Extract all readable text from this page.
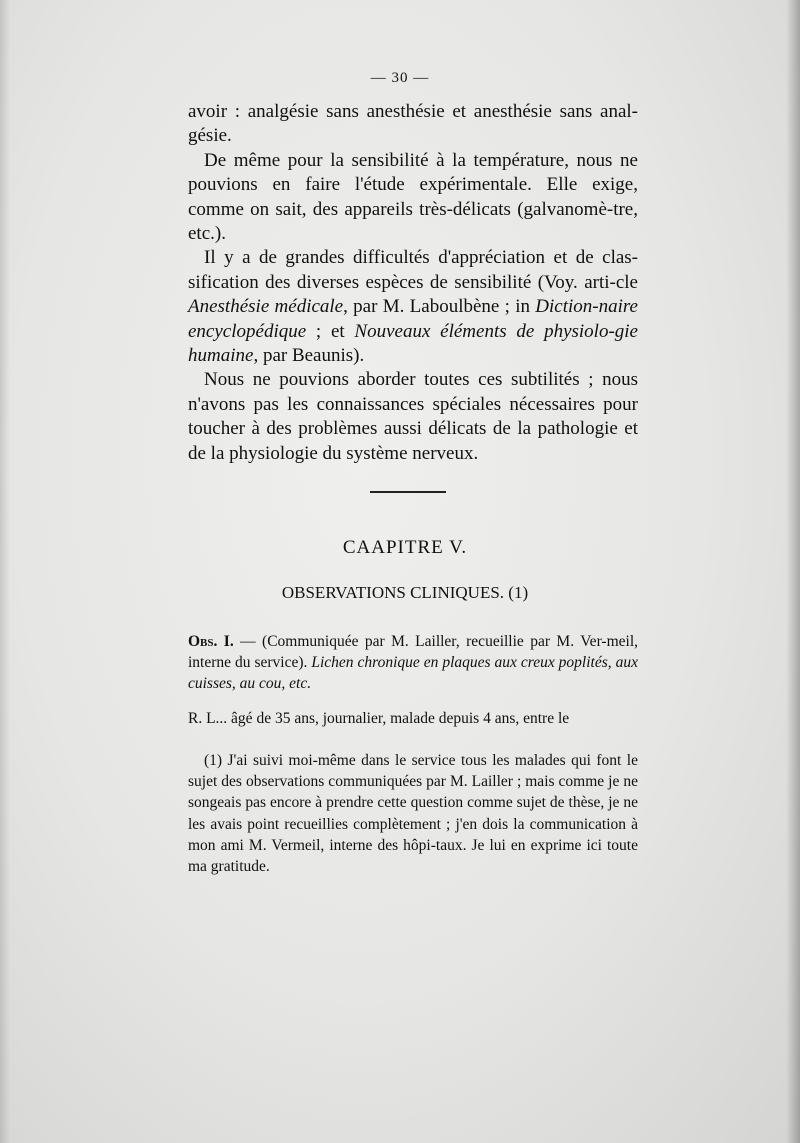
— 30 —

avoir : analgésie sans anesthésie et anesthésie sans anal-gésie.

De même pour la sensibilité à la température, nous ne pouvions en faire l'étude expérimentale. Elle exige, comme on sait, des appareils très-délicats (galvanomè-tre, etc.).

Il y a de grandes difficultés d'appréciation et de clas-sification des diverses espèces de sensibilité (Voy. arti-cle Anesthésie médicale, par M. Laboulbène ; in Diction-naire encyclopédique ; et Nouveaux éléments de physiolo-gie humaine, par Beaunis).

Nous ne pouvions aborder toutes ces subtilités ; nous n'avons pas les connaissances spéciales nécessaires pour toucher à des problèmes aussi délicats de la pathologie et de la physiologie du système nerveux.

CAAPITRE V.
OBSERVATIONS CLINIQUES. (1)
Obs. I. — (Communiquée par M. Lailler, recueillie par M. Ver-meil, interne du service). Lichen chronique en plaques aux creux poplités, aux cuisses, au cou, etc.
R. L... âgé de 35 ans, journalier, malade depuis 4 ans, entre le

(1) J'ai suivi moi-même dans le service tous les malades qui font le sujet des observations communiquées par M. Lailler ; mais comme je ne songeais pas encore à prendre cette question comme sujet de thèse, je ne les avais point recueillies complètement ; j'en dois la communication à mon ami M. Vermeil, interne des hôpi-taux. Je lui en exprime ici toute ma gratitude.
